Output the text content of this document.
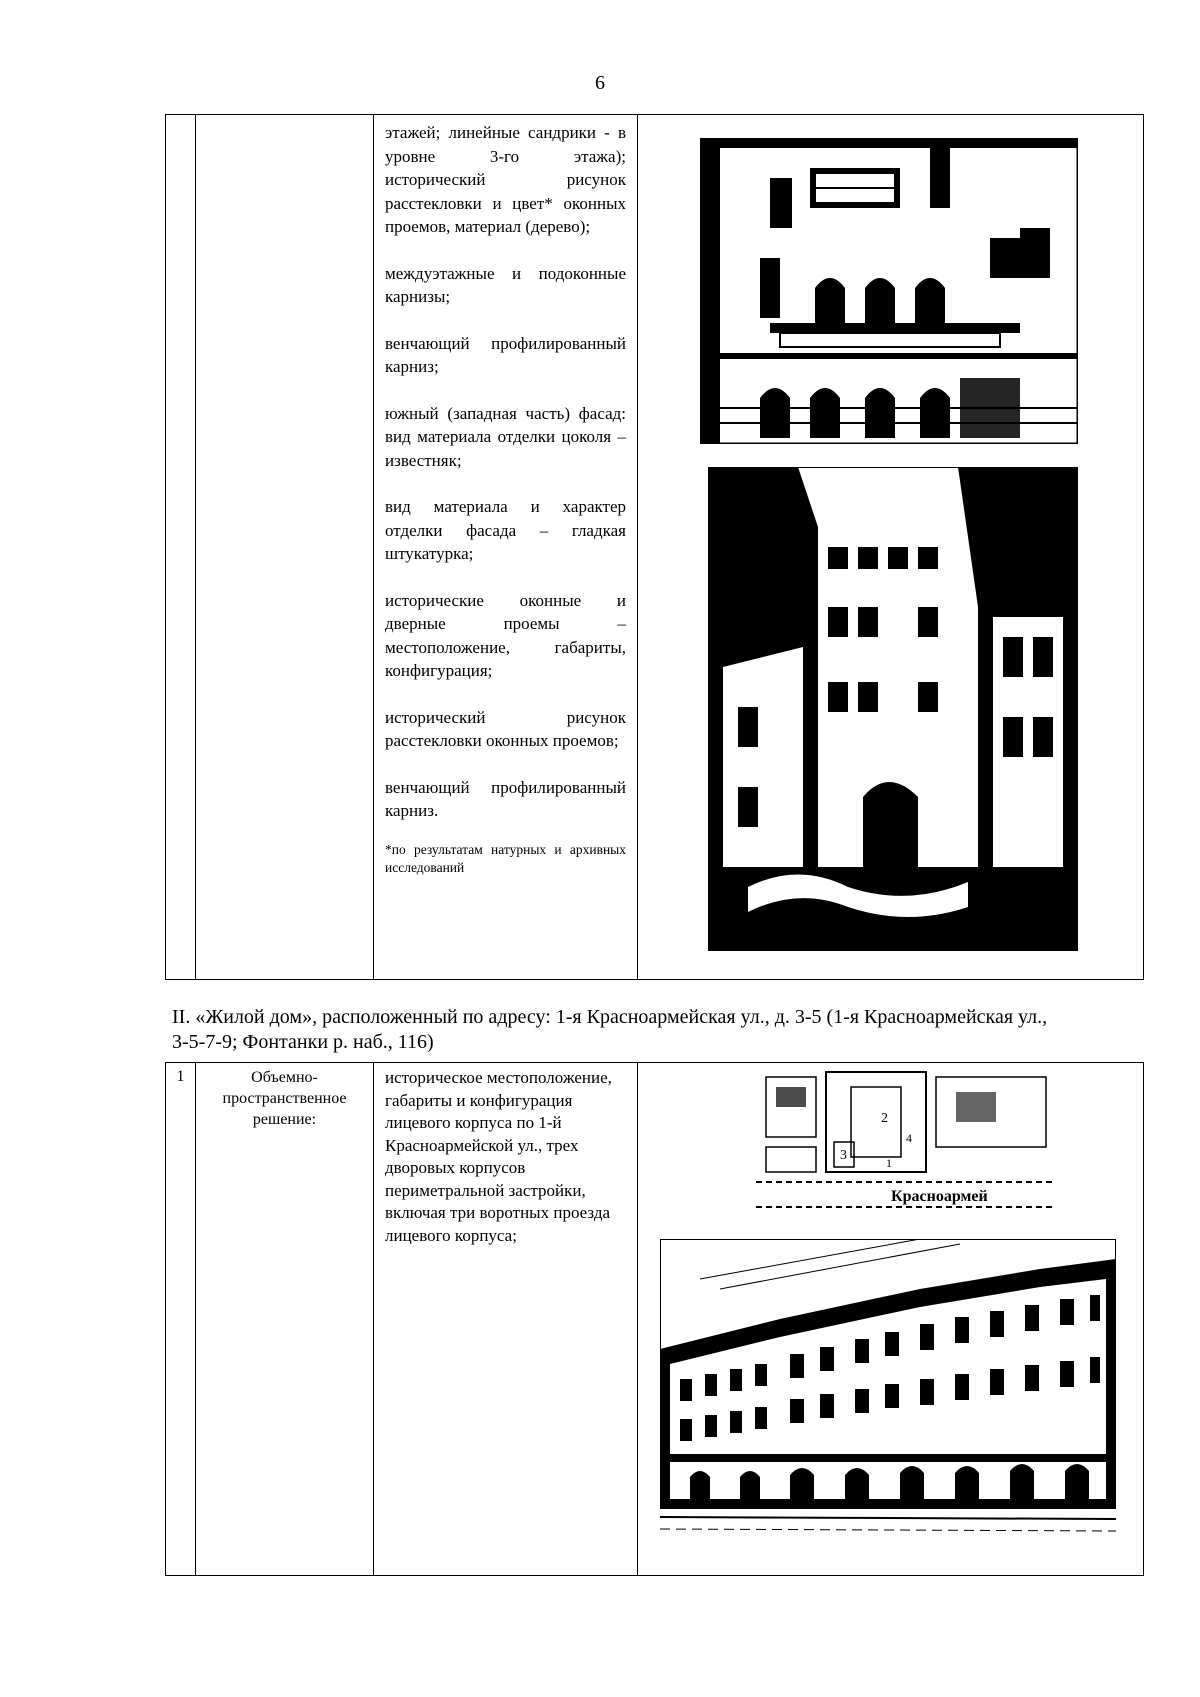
6

этажей; линейные сандрики - в уровне 3-го этажа); исторический рисунок расстекловки и цвет* оконных проемов, материал (дерево);

междуэтажные и подоконные карнизы;

венчающий профилированный карниз;

южный (западная часть) фасад: вид материала отделки цоколя – известняк;

вид материала и характер отделки фасада – гладкая штукатурка;

исторические оконные и дверные проемы – местоположение, габариты, конфигурация;

исторический рисунок расстекловки оконных проемов;

венчающий профилированный карниз.

*по результатам натурных и архивных исследований

II. «Жилой дом», расположенный по адресу: 1-я Красноармейская ул., д. 3-5 (1-я Красноармейская ул., 3-5-7-9; Фонтанки р. наб., 116)
1	Объемно-пространственное решение:	историческое местоположение, габариты и конфигурация лицевого корпуса по 1-й Красноармейской ул., трех дворовых корпусов периметральной застройки, включая три воротных проезда лицевого корпуса;	
2
3
4
1
Красноармей
